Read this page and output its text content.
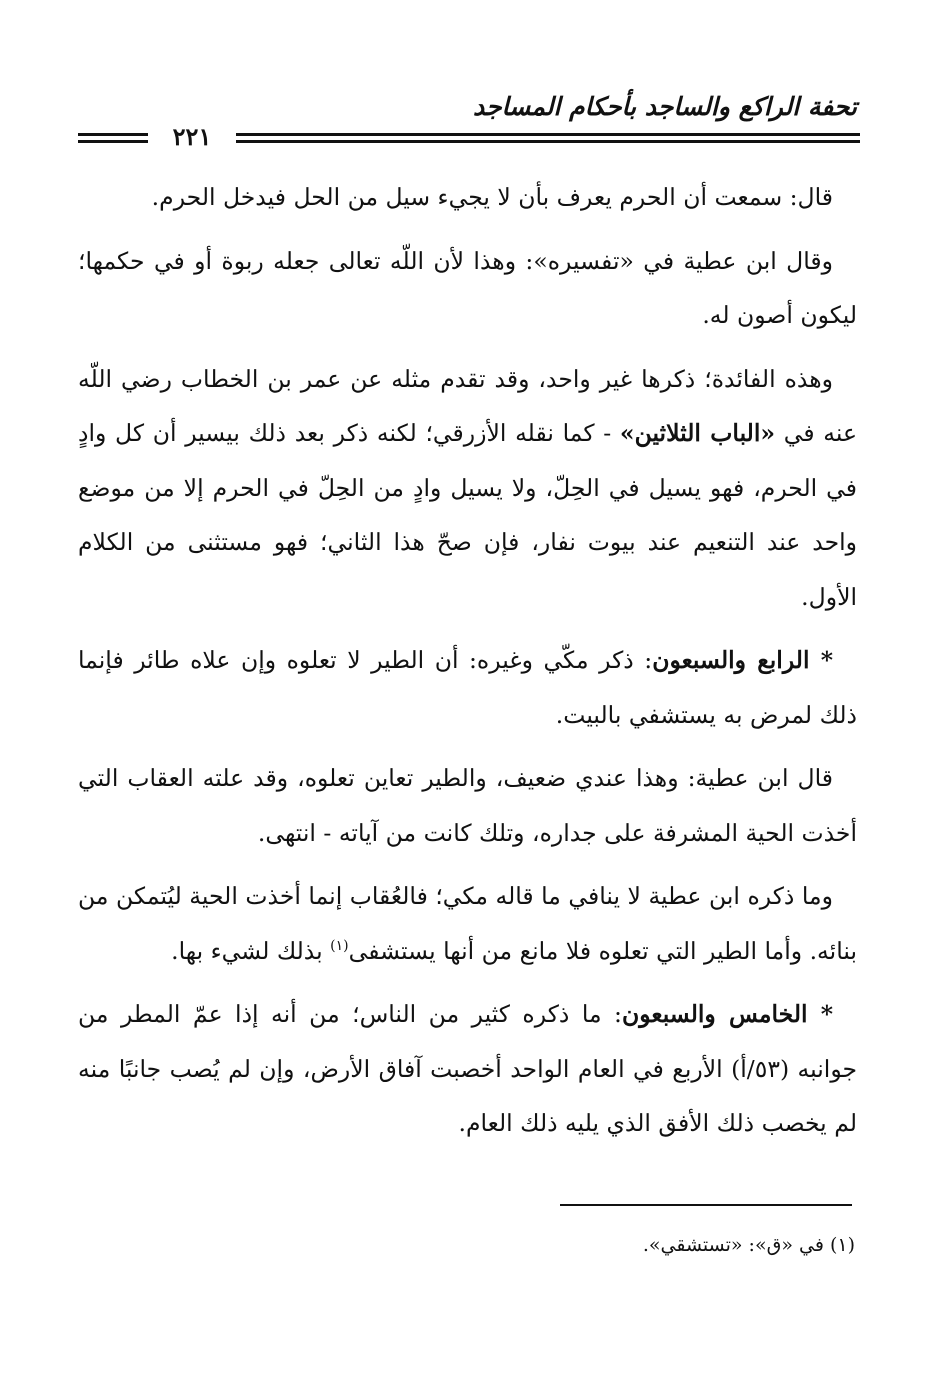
تحفة الراكع والساجد بأحكام المساجد
٢٢١

قال: سمعت أن الحرم يعرف بأن لا يجيء سيل من الحل فيدخل الحرم.

وقال ابن عطية في «تفسيره»: وهذا لأن اللّه تعالى جعله ربوة أو في حكمها؛ ليكون أصون له.

وهذه الفائدة؛ ذكرها غير واحد، وقد تقدم مثله عن عمر بن الخطاب رضي اللّه عنه في «الباب الثلاثين» - كما نقله الأزرقي؛ لكنه ذكر بعد ذلك بيسير أن كل وادٍ في الحرم، فهو يسيل في الحِلّ، ولا يسيل وادٍ من الحِلّ في الحرم إلا من موضع واحد عند التنعيم عند بيوت نفار، فإن صحّ هذا الثاني؛ فهو مستثنى من الكلام الأول.

* الرابع والسبعون: ذكر مكّي وغيره: أن الطير لا تعلوه وإن علاه طائر فإنما ذلك لمرض به يستشفي بالبيت.

قال ابن عطية: وهذا عندي ضعيف، والطير تعاين تعلوه، وقد علته العقاب التي أخذت الحية المشرفة على جداره، وتلك كانت من آياته - انتهى.

وما ذكره ابن عطية لا ينافي ما قاله مكي؛ فالعُقاب إنما أخذت الحية ليُتمكن من بنائه. وأما الطير التي تعلوه فلا مانع من أنها يستشفى$^{(١)}$ بذلك لشيء بها.

* الخامس والسبعون: ما ذكره كثير من الناس؛ من أنه إذا عمّ المطر من جوانبه (٥٣/أ) الأربع في العام الواحد أخصبت آفاق الأرض، وإن لم يُصب جانبًا منه لم يخصب ذلك الأفق الذي يليه ذلك العام.

(١) في «ق»: «تستشقي».
